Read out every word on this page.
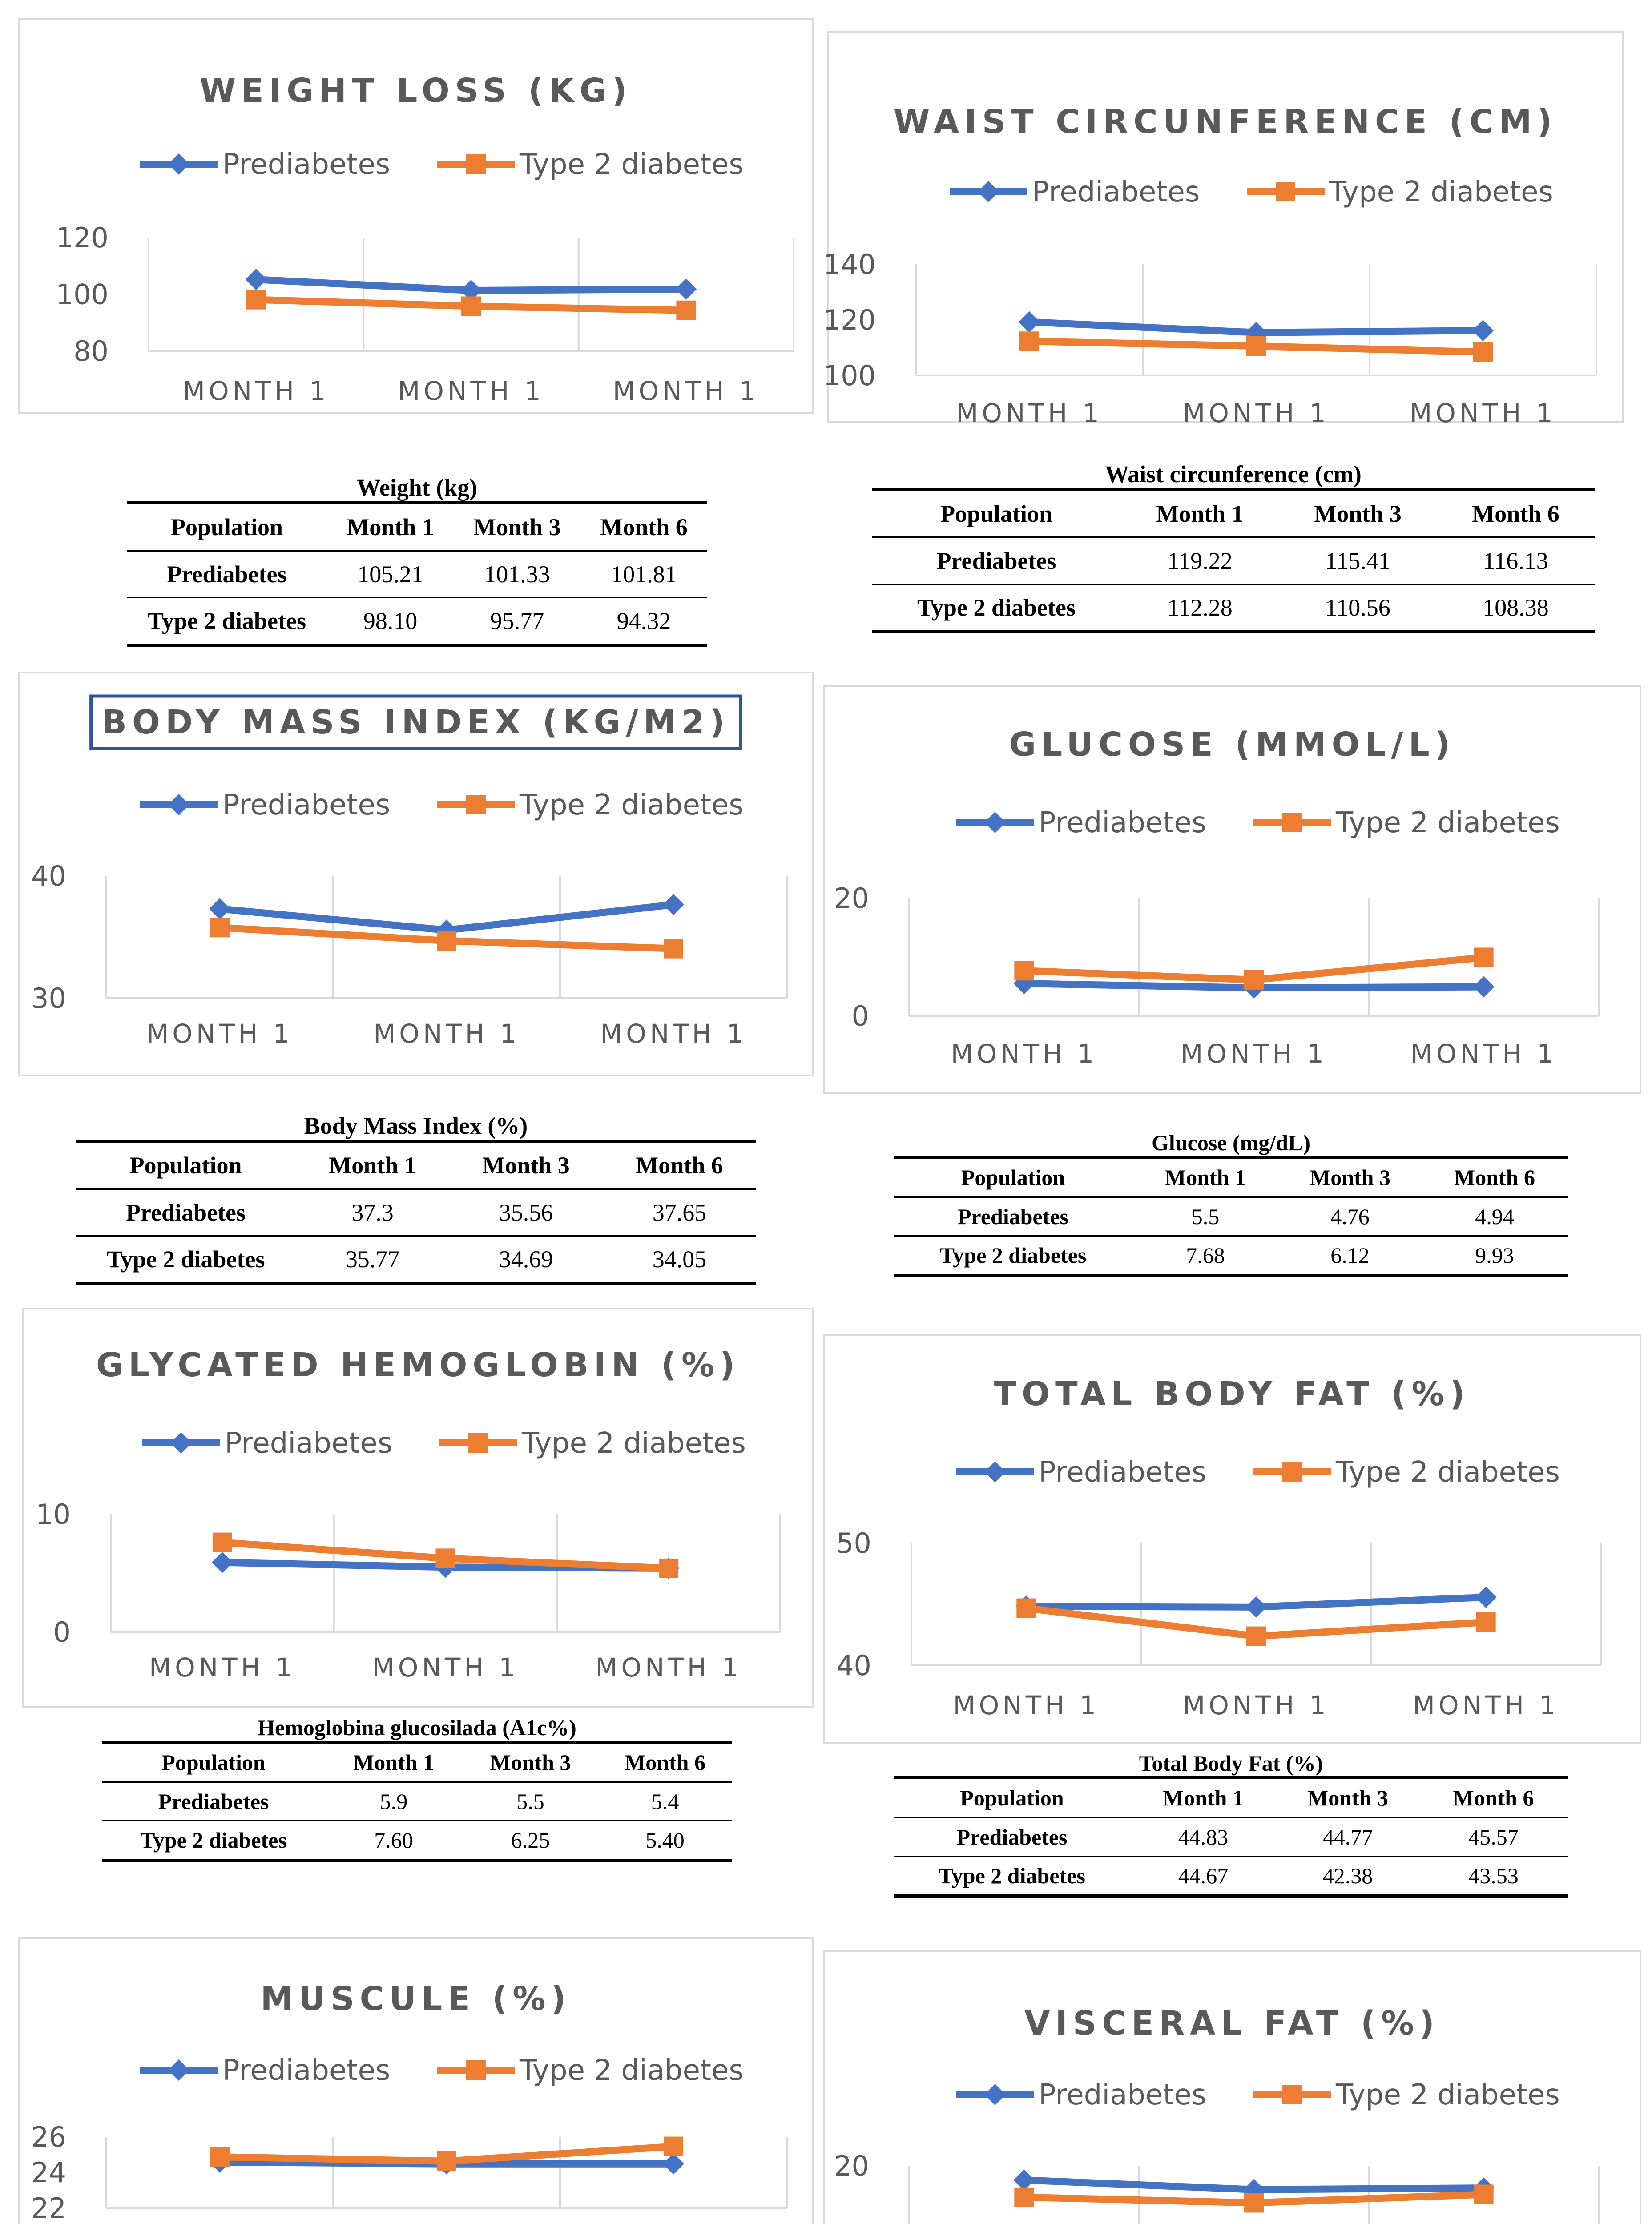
WEIGHT LOSS (KG)
Prediabetes	Type 2 diabetes
80
100
120
MONTH 1	MONTH 1	MONTH 1
WAIST CIRCUNFERENCE (CM)
Prediabetes	Type 2 diabetes
100
120
140
MONTH 1	MONTH 1	MONTH 1
BODY MASS INDEX (KG/M2)
Prediabetes	Type 2 diabetes
30
40
MONTH 1	MONTH 1	MONTH 1
GLUCOSE (MMOL/L)
Prediabetes	Type 2 diabetes
0
20
MONTH 1	MONTH 1	MONTH 1
GLYCATED HEMOGLOBIN (%)
Prediabetes	Type 2 diabetes
0
10
MONTH 1	MONTH 1	MONTH 1
TOTAL BODY FAT (%)
Prediabetes	Type 2 diabetes
40
50
MONTH 1	MONTH 1	MONTH 1
MUSCULE (%)
Prediabetes	Type 2 diabetes
22
24
26
VISCERAL FAT (%)
Prediabetes	Type 2 diabetes
20
Weight (kg)
Population	Month 1	Month 3	Month 6
Prediabetes	105.21	101.33	101.81
Type 2 diabetes	98.10	95.77	94.32
Waist circunference (cm)
Population	Month 1	Month 3	Month 6
Prediabetes	119.22	115.41	116.13
Type 2 diabetes	112.28	110.56	108.38
Body Mass Index (%)
Population	Month 1	Month 3	Month 6
Prediabetes	37.3	35.56	37.65
Type 2 diabetes	35.77	34.69	34.05
Glucose (mg/dL)
Population	Month 1	Month 3	Month 6
Prediabetes	5.5	4.76	4.94
Type 2 diabetes	7.68	6.12	9.93
Hemoglobina glucosilada (A1c%)
Population	Month 1	Month 3	Month 6
Prediabetes	5.9	5.5	5.4
Type 2 diabetes	7.60	6.25	5.40
Total Body Fat (%)
Population	Month 1	Month 3	Month 6
Prediabetes	44.83	44.77	45.57
Type 2 diabetes	44.67	42.38	43.53
